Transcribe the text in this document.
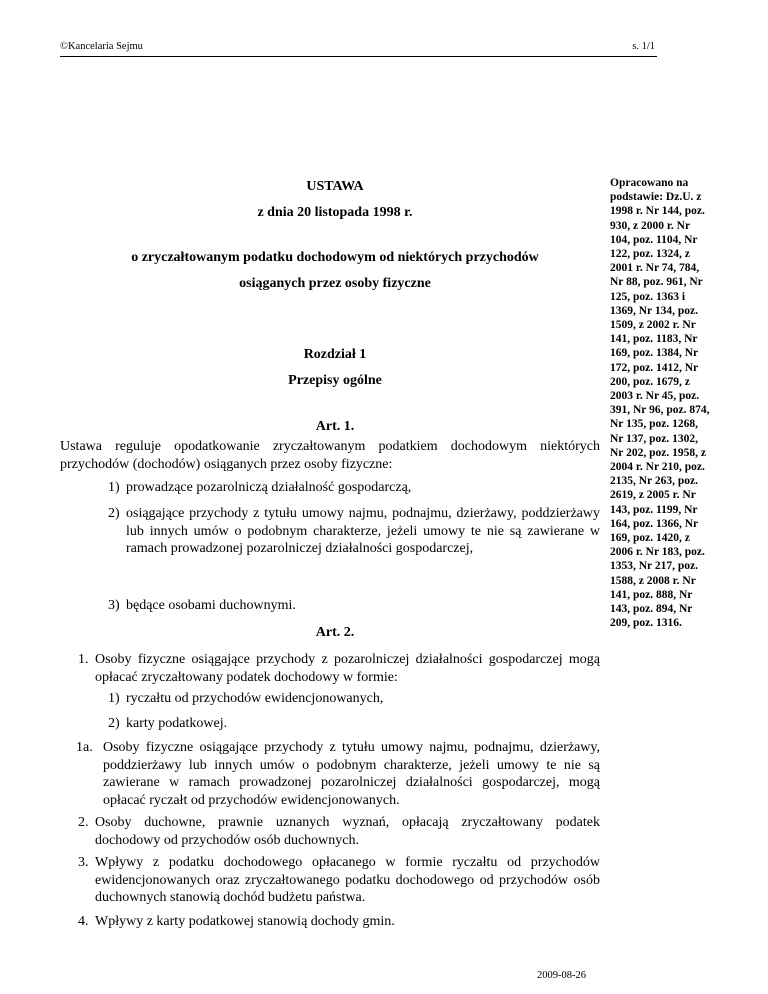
©Kancelaria Sejmu	s. 1/1
USTAWA
z dnia 20 listopada 1998 r.
o zryczałtowanym podatku dochodowym od niektórych przychodów
osiąganych przez osoby fizyczne
Opracowano na podstawie: Dz.U. z 1998 r. Nr 144, poz. 930, z 2000 r. Nr 104, poz. 1104, Nr 122, poz. 1324, z 2001 r. Nr 74, 784, Nr 88, poz. 961, Nr 125, poz. 1363 i 1369, Nr 134, poz. 1509, z 2002 r. Nr 141, poz. 1183, Nr 169, poz. 1384, Nr 172, poz. 1412, Nr 200, poz. 1679, z 2003 r. Nr 45, poz. 391, Nr 96, poz. 874, Nr 135, poz. 1268, Nr 137, poz. 1302, Nr 202, poz. 1958, z 2004 r. Nr 210, poz. 2135, Nr 263, poz. 2619, z 2005 r. Nr 143, poz. 1199, Nr 164, poz. 1366, Nr 169, poz. 1420, z 2006 r. Nr 183, poz. 1353, Nr 217, poz. 1588, z 2008 r. Nr 141, poz. 888, Nr 143, poz. 894, Nr 209, poz. 1316.
Rozdział 1
Przepisy ogólne
Art. 1.
Ustawa reguluje opodatkowanie zryczałtowanym podatkiem dochodowym niektórych przychodów (dochodów) osiąganych przez osoby fizyczne:
1) prowadzące pozarolniczą działalność gospodarczą,
2) osiągające przychody z tytułu umowy najmu, podnajmu, dzierżawy, poddzierżawy lub innych umów o podobnym charakterze, jeżeli umowy te nie są zawierane w ramach prowadzonej pozarolniczej działalności gospodarczej,
3) będące osobami duchownymi.
Art. 2.
1. Osoby fizyczne osiągające przychody z pozarolniczej działalności gospodarczej mogą opłacać zryczałtowany podatek dochodowy w formie:
1) ryczałtu od przychodów ewidencjonowanych,
2) karty podatkowej.
1a. Osoby fizyczne osiągające przychody z tytułu umowy najmu, podnajmu, dzierżawy, poddzierżawy lub innych umów o podobnym charakterze, jeżeli umowy te nie są zawierane w ramach prowadzonej pozarolniczej działalności gospodarczej, mogą opłacać ryczałt od przychodów ewidencjonowanych.
2. Osoby duchowne, prawnie uznanych wyznań, opłacają zryczałtowany podatek dochodowy od przychodów osób duchownych.
3. Wpływy z podatku dochodowego opłacanego w formie ryczałtu od przychodów ewidencjonowanych oraz zryczałtowanego podatku dochodowego od przychodów osób duchownych stanowią dochód budżetu państwa.
4. Wpływy z karty podatkowej stanowią dochody gmin.
2009-08-26
